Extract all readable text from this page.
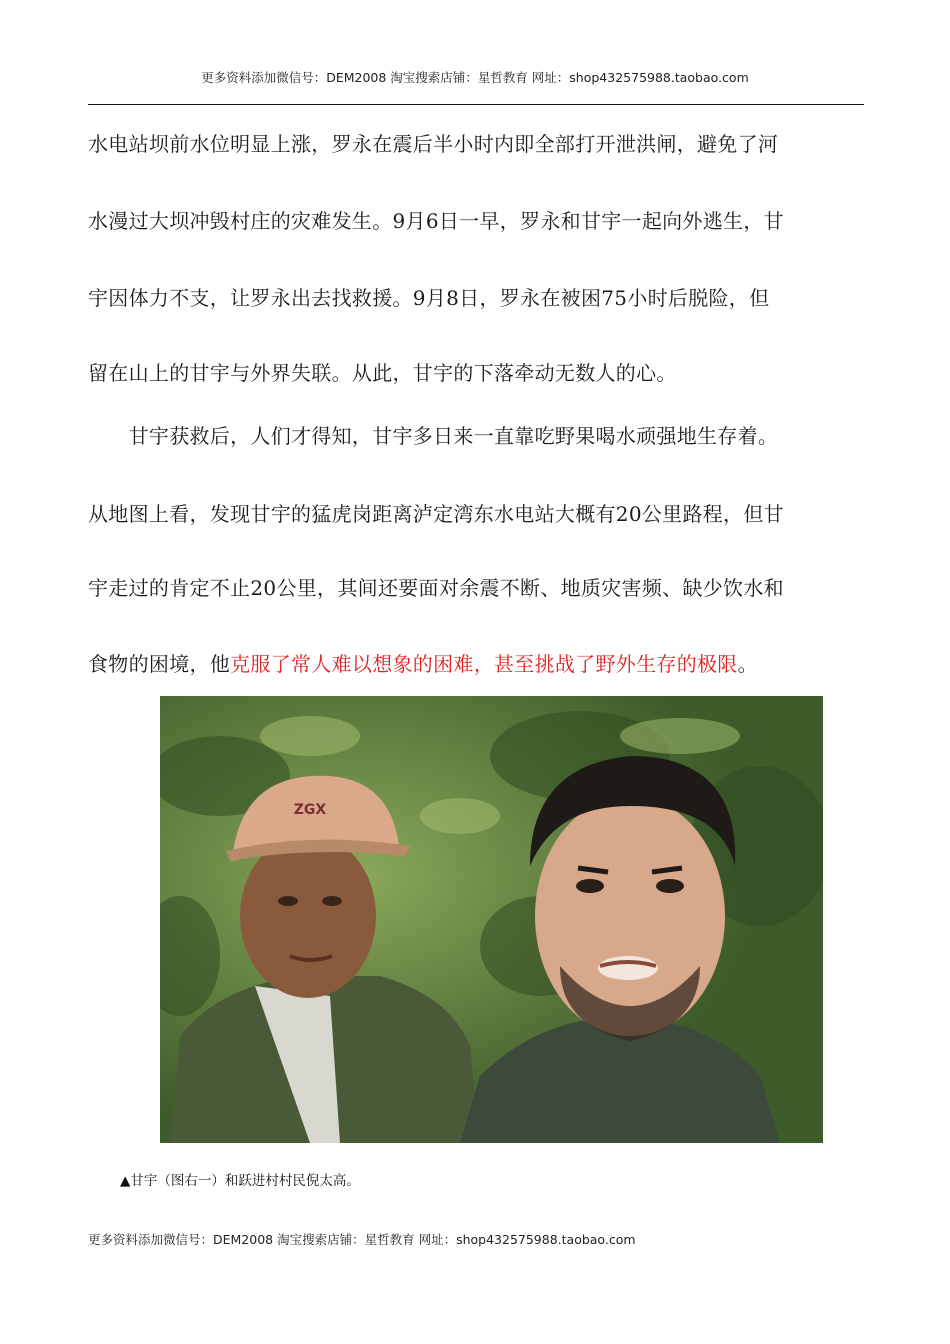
更多资料添加微信号：DEM2008 淘宝搜索店铺：星哲教育 网址：shop432575988.taobao.com
水电站坝前水位明显上涨，罗永在震后半小时内即全部打开泄洪闸，避免了河
水漫过大坝冲毁村庄的灾难发生。9月6日一早，罗永和甘宇一起向外逃生，甘
宇因体力不支，让罗永出去找救援。9月8日，罗永在被困75小时后脱险，但
留在山上的甘宇与外界失联。从此，甘宇的下落牵动无数人的心。
　　甘宇获救后，人们才得知，甘宇多日来一直靠吃野果喝水顽强地生存着。
从地图上看，发现甘宇的猛虎岗距离泸定湾东水电站大概有20公里路程，但甘
宇走过的肯定不止20公里，其间还要面对余震不断、地质灾害频、缺少饮水和
食物的困境，他克服了常人难以想象的困难，甚至挑战了野外生存的极限。
ZGX
▲甘宇（图右一）和跃进村村民倪太高。
更多资料添加微信号：DEM2008 淘宝搜索店铺：星哲教育 网址：shop432575988.taobao.com
